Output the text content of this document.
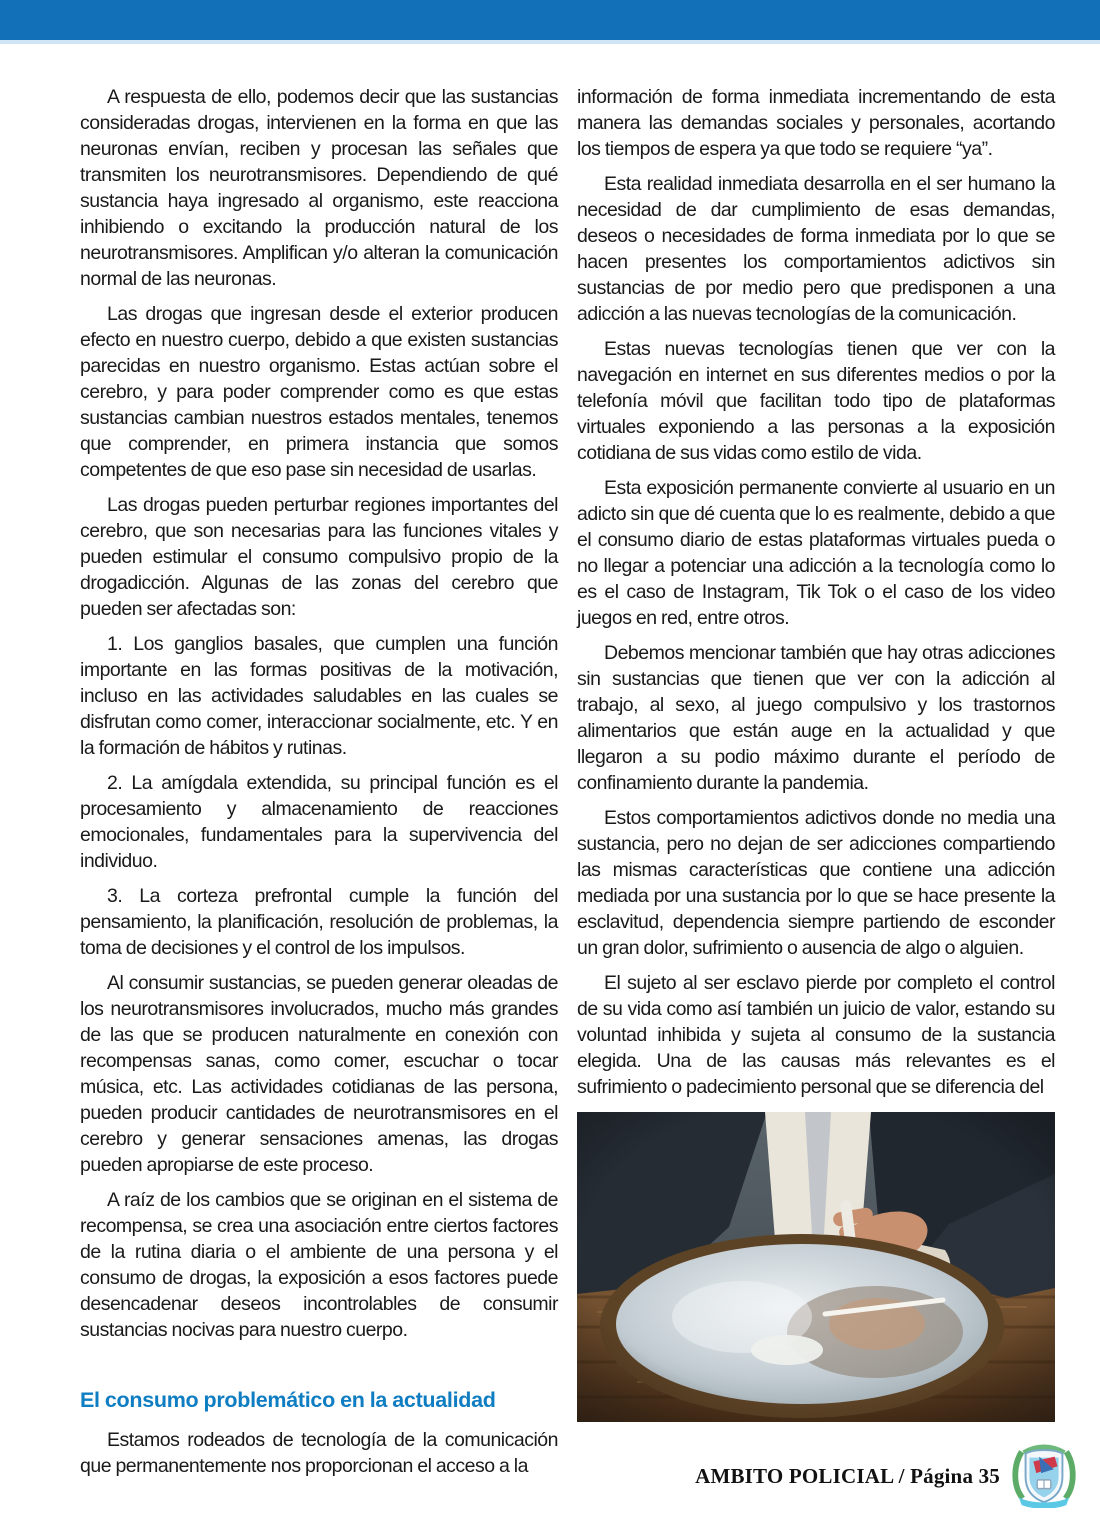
A respuesta de ello, podemos decir que las sustancias consideradas drogas, intervienen en la forma en que las neuronas envían, reciben y procesan las señales que transmiten los neurotransmisores. Dependiendo de qué sustancia haya ingresado al organismo, este reacciona inhibiendo o excitando la producción natural de los neurotransmisores. Amplifican y/o alteran la comunicación normal de las neuronas.

Las drogas que ingresan desde el exterior producen efecto en nuestro cuerpo, debido a que existen sustancias parecidas en nuestro organismo. Estas actúan sobre el cerebro, y para poder comprender como es que estas sustancias cambian nuestros estados mentales, tenemos que comprender, en primera instancia que somos competentes de que eso pase sin necesidad de usarlas.

Las drogas pueden perturbar regiones importantes del cerebro, que son necesarias para las funciones vitales y pueden estimular el consumo compulsivo propio de la drogadicción. Algunas de las zonas del cerebro que pueden ser afectadas son:

1. Los ganglios basales, que cumplen una función importante en las formas positivas de la motivación, incluso en las actividades saludables en las cuales se disfrutan como comer, interaccionar socialmente, etc. Y en la formación de hábitos y rutinas.

2. La amígdala extendida, su principal función es el procesamiento y almacenamiento de reacciones emocionales, fundamentales para la supervivencia del individuo.

3. La corteza prefrontal cumple la función del pensamiento, la planificación, resolución de problemas, la toma de decisiones y el control de los impulsos.

Al consumir sustancias, se pueden generar oleadas de los neurotransmisores involucrados, mucho más grandes de las que se producen naturalmente en conexión con recompensas sanas, como comer, escuchar o tocar música, etc. Las actividades cotidianas de las persona, pueden producir cantidades de neurotransmisores en el cerebro y generar sensaciones amenas, las drogas pueden apropiarse de este proceso.

A raíz de los cambios que se originan en el sistema de recompensa, se crea una asociación entre ciertos factores de la rutina diaria o el ambiente de una persona y el consumo de drogas, la exposición a esos factores puede desencadenar deseos incontrolables de consumir sustancias nocivas para nuestro cuerpo.

El consumo problemático en la actualidad

Estamos rodeados de tecnología de la comunicación que permanentemente nos proporcionan el acceso a la

información de forma inmediata incrementando de esta manera las demandas sociales y personales, acortando los tiempos de espera ya que todo se requiere “ya”.

Esta realidad inmediata desarrolla en el ser humano la necesidad de dar cumplimiento de esas demandas, deseos o necesidades de forma inmediata por lo que se hacen presentes los comportamientos adictivos sin sustancias de por medio pero que predisponen a una adicción a las nuevas tecnologías de la comunicación.

Estas nuevas tecnologías tienen que ver con la navegación en internet en sus diferentes medios o por la telefonía móvil que facilitan todo tipo de plataformas virtuales exponiendo a las personas a la exposición cotidiana de sus vidas como estilo de vida.

Esta exposición permanente convierte al usuario en un adicto sin que dé cuenta que lo es realmente, debido a que el consumo diario de estas plataformas virtuales pueda o no llegar a potenciar una adicción a la tecnología como lo es el caso de Instagram, Tik Tok o el caso de los video juegos en red, entre otros.

Debemos mencionar también que hay otras adicciones sin sustancias que tienen que ver con la adicción al trabajo, al sexo, al juego compulsivo y los trastornos alimentarios que están auge en la actualidad y que llegaron a su podio máximo durante el período de confinamiento durante la pandemia.

Estos comportamientos adictivos donde no media una sustancia, pero no dejan de ser adicciones compartiendo las mismas características que contiene una adicción mediada por una sustancia por lo que se hace presente la esclavitud, dependencia siempre partiendo de esconder un gran dolor, sufrimiento o ausencia de algo o alguien.

El sujeto al ser esclavo pierde por completo el control de su vida como así también un juicio de valor, estando su voluntad inhibida y sujeta al consumo de la sustancia elegida. Una de las causas más relevantes es el sufrimiento o padecimiento personal que se diferencia del

AMBITO POLICIAL / Página 35
